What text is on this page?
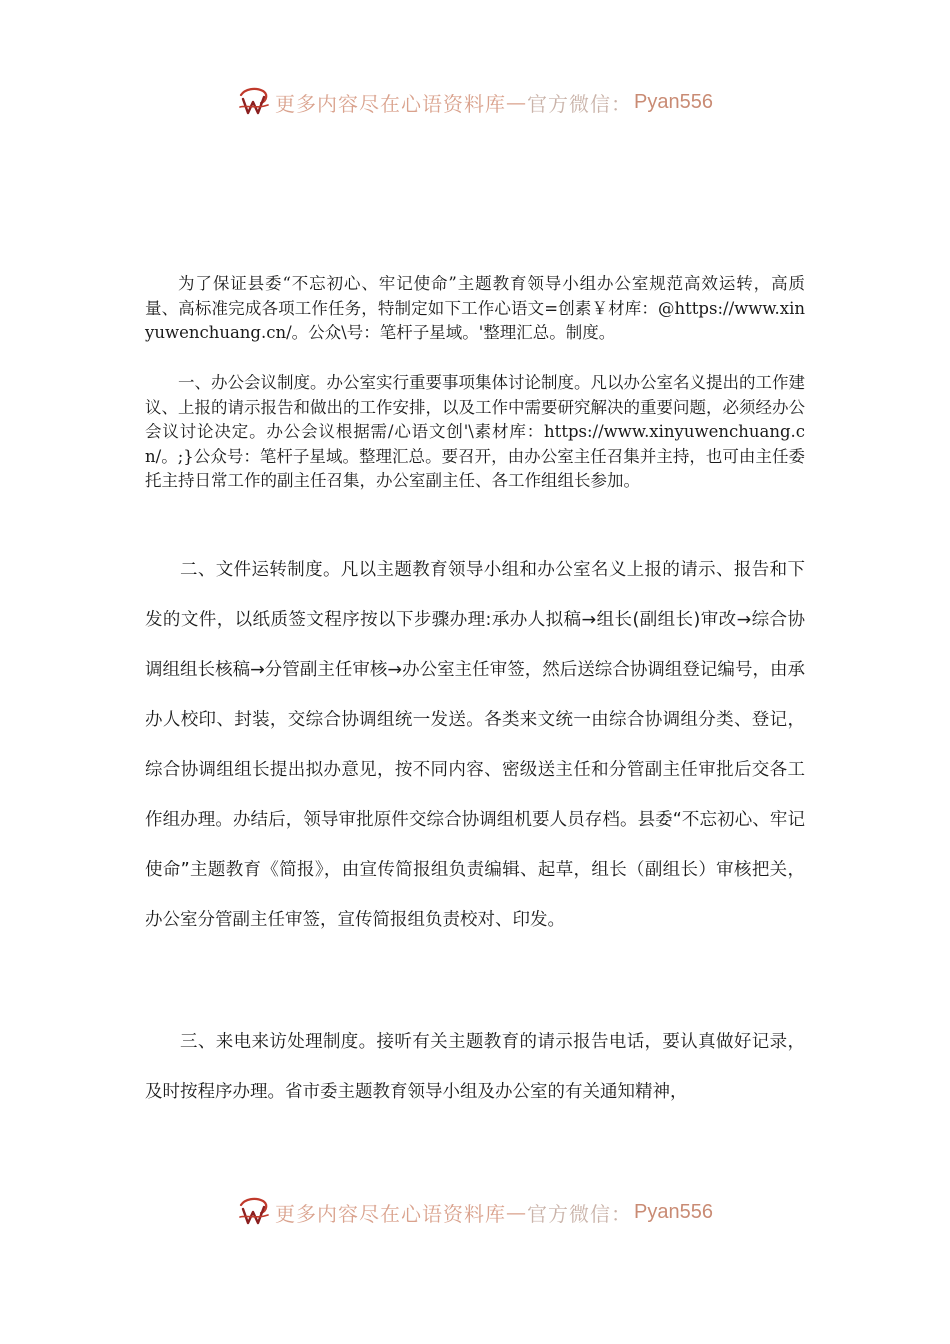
更多内容尽在心语资料库 — 官方微信： Pyan556

为了保证县委“不忘初心、牢记使命”主题教育领导小组办公室规范高效运转，高质量、高标准完成各项工作任务，特制定如下工作心语文=创素￥材库：@https://www.xinyuwenchuang.cn/。公众\号：笔杆子星域。'整理汇总。制度。

一、办公会议制度。办公室实行重要事项集体讨论制度。凡以办公室名义提出的工作建议、上报的请示报告和做出的工作安排，以及工作中需要研究解决的重要问题，必须经办公会议讨论决定。办公会议根据需/心语文创'\素材库：https://www.xinyuwenchuang.cn/。;}公众号：笔杆子星域。整理汇总。要召开，由办公室主任召集并主持，也可由主任委托主持日常工作的副主任召集，办公室副主任、各工作组组长参加。

二、文件运转制度。凡以主题教育领导小组和办公室名义上报的请示、报告和下发的文件，以纸质签文程序按以下步骤办理:承办人拟稿→组长(副组长)审改→综合协调组组长核稿→分管副主任审核→办公室主任审签，然后送综合协调组登记编号，由承办人校印、封装，交综合协调组统一发送。各类来文统一由综合协调组分类、登记，综合协调组组长提出拟办意见，按不同内容、密级送主任和分管副主任审批后交各工作组办理。办结后，领导审批原件交综合协调组机要人员存档。县委“不忘初心、牢记使命”主题教育《简报》，由宣传简报组负责编辑、起草，组长（副组长）审核把关，办公室分管副主任审签，宣传简报组负责校对、印发。

三、来电来访处理制度。接听有关主题教育的请示报告电话，要认真做好记录，及时按程序办理。省市委主题教育领导小组及办公室的有关通知精神，

更多内容尽在心语资料库 — 官方微信： Pyan556
